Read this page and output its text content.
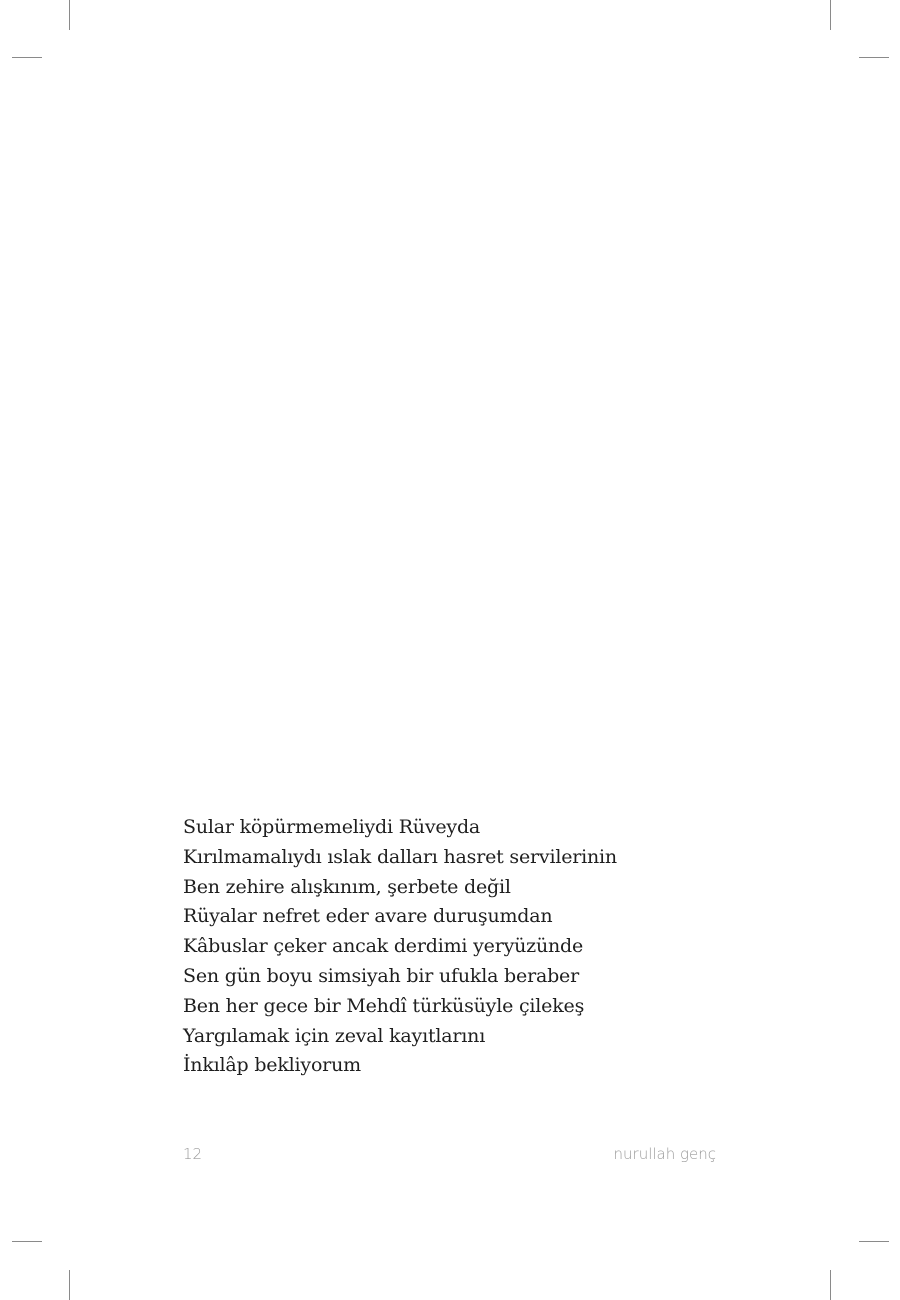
Sular köpürmemeliydi Rüveyda
Kırılmamalıydı ıslak dalları hasret servilerinin
Ben zehire alışkınım, şerbete değil
Rüyalar nefret eder avare duruşumdan
Kâbuslar çeker ancak derdimi yeryüzünde
Sen gün boyu simsiyah bir ufukla beraber
Ben her gece bir Mehdî türküsüyle çilekeş
Yargılamak için zeval kayıtlarını
İnkılâp bekliyorum
12	nurullah genç
